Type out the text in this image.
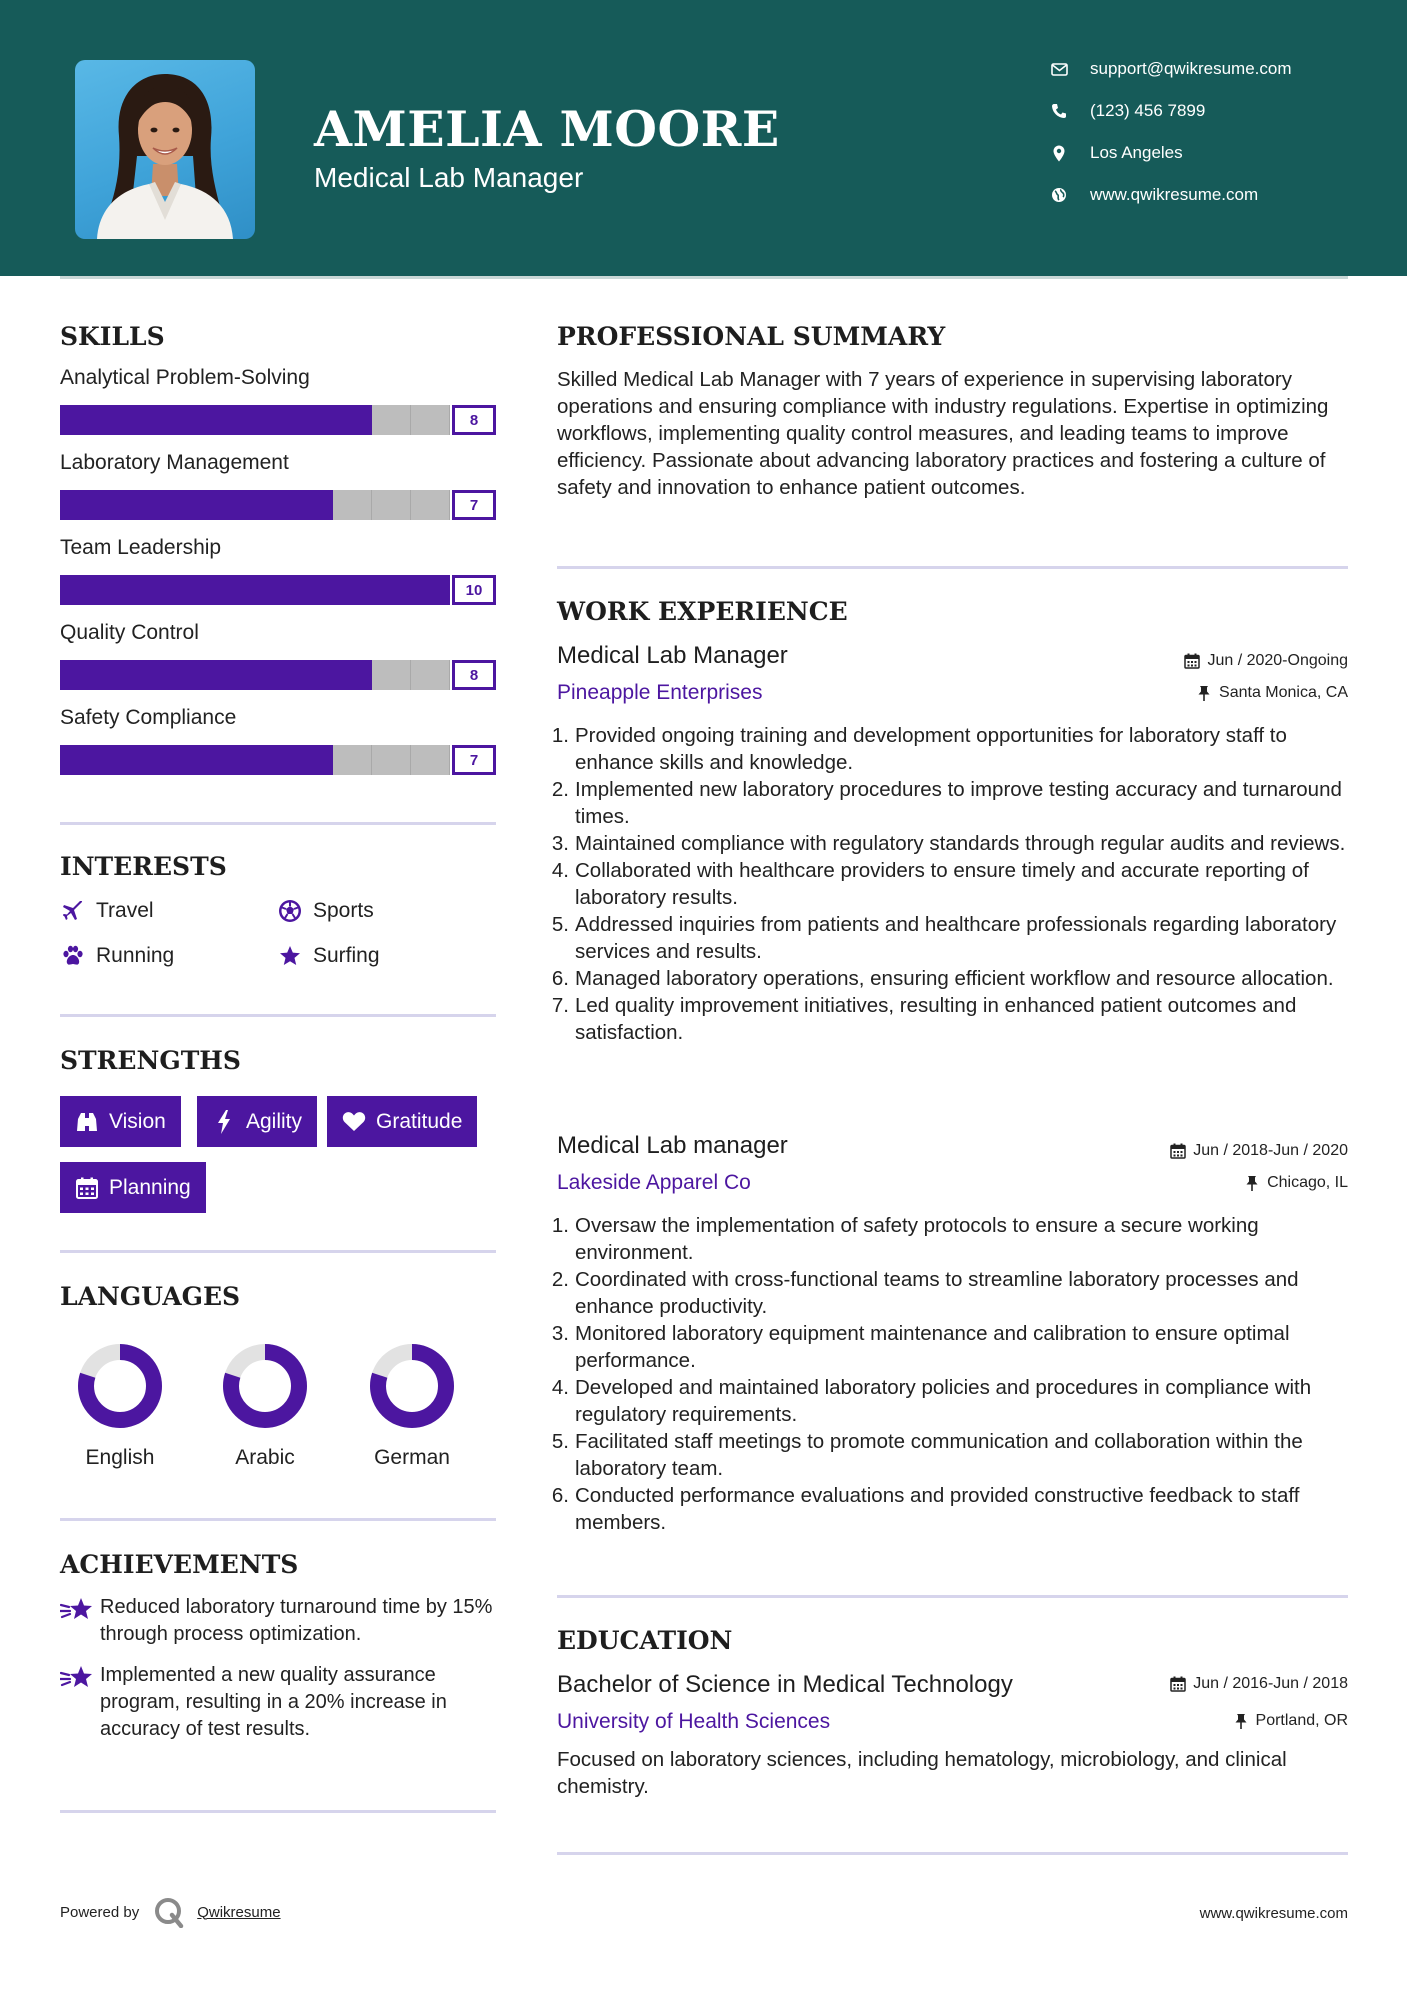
AMELIA MOORE
Medical Lab Manager
support@qwikresume.com
(123) 456 7899
Los Angeles
www.qwikresume.com
SKILLS
Analytical Problem-Solving
8
Laboratory Management
7
Team Leadership
10
Quality Control
8
Safety Compliance
7
INTERESTS
Travel	Sports
Running	Surfing
STRENGTHS
Vision	Agility	Gratitude
Planning
LANGUAGES
English	Arabic	German
ACHIEVEMENTS
Reduced laboratory turnaround time by 15% through process optimization.
Implemented a new quality assurance program, resulting in a 20% increase in accuracy of test results.
PROFESSIONAL SUMMARY
Skilled Medical Lab Manager with 7 years of experience in supervising laboratory operations and ensuring compliance with industry regulations. Expertise in optimizing workflows, implementing quality control measures, and leading teams to improve efficiency. Passionate about advancing laboratory practices and fostering a culture of safety and innovation to enhance patient outcomes.
WORK EXPERIENCE
Medical Lab Manager	Jun / 2020-Ongoing
Pineapple Enterprises	Santa Monica, CA
1. Provided ongoing training and development opportunities for laboratory staff to enhance skills and knowledge.
2. Implemented new laboratory procedures to improve testing accuracy and turnaround times.
3. Maintained compliance with regulatory standards through regular audits and reviews.
4. Collaborated with healthcare providers to ensure timely and accurate reporting of laboratory results.
5. Addressed inquiries from patients and healthcare professionals regarding laboratory services and results.
6. Managed laboratory operations, ensuring efficient workflow and resource allocation.
7. Led quality improvement initiatives, resulting in enhanced patient outcomes and satisfaction.
Medical Lab manager	Jun / 2018-Jun / 2020
Lakeside Apparel Co	Chicago, IL
1. Oversaw the implementation of safety protocols to ensure a secure working environment.
2. Coordinated with cross-functional teams to streamline laboratory processes and enhance productivity.
3. Monitored laboratory equipment maintenance and calibration to ensure optimal performance.
4. Developed and maintained laboratory policies and procedures in compliance with regulatory requirements.
5. Facilitated staff meetings to promote communication and collaboration within the laboratory team.
6. Conducted performance evaluations and provided constructive feedback to staff members.
EDUCATION
Bachelor of Science in Medical Technology	Jun / 2016-Jun / 2018
University of Health Sciences	Portland, OR
Focused on laboratory sciences, including hematology, microbiology, and clinical chemistry.
Powered by	Qwikresume	www.qwikresume.com
